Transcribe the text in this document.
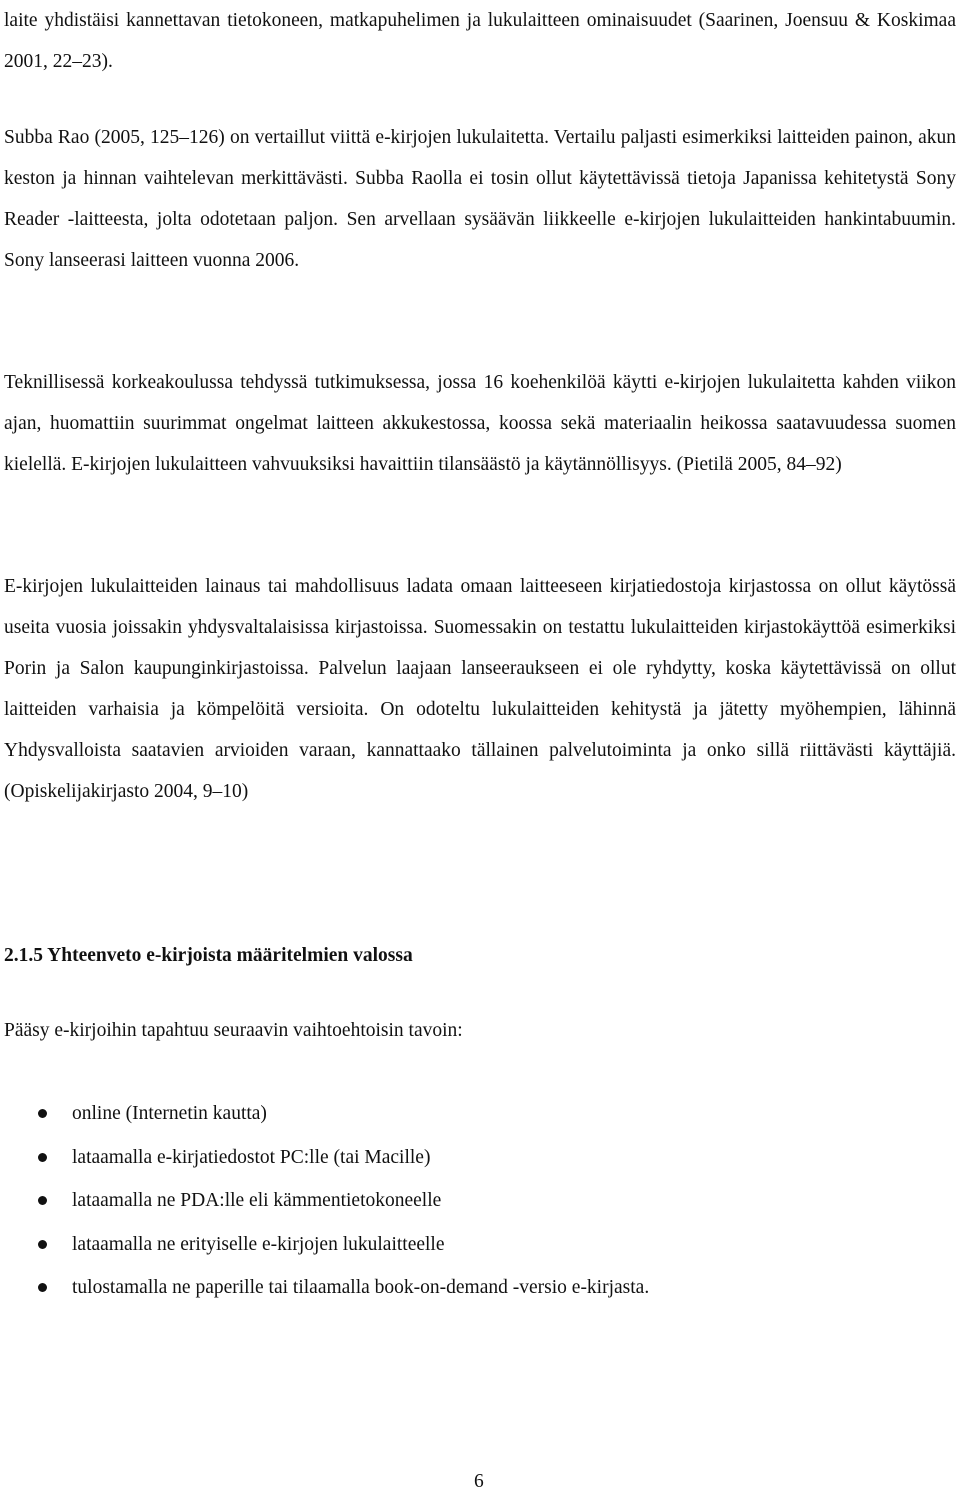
laite yhdistäisi kannettavan tietokoneen, matkapuhelimen ja lukulaitteen ominaisuudet (Saarinen, Joensuu & Koskimaa 2001, 22–23).

Subba Rao (2005, 125–126) on vertaillut viittä e-kirjojen lukulaitetta. Vertailu paljasti esimerkiksi laitteiden painon, akun keston ja hinnan vaihtelevan merkittävästi. Subba Raolla ei tosin ollut käytettävissä tietoja Japanissa kehitetystä Sony Reader -laitteesta, jolta odotetaan paljon. Sen arvellaan sysäävän liikkeelle e-kirjojen lukulaitteiden hankintabuumin. Sony lanseerasi laitteen vuonna 2006.

Teknillisessä korkeakoulussa tehdyssä tutkimuksessa, jossa 16 koehenkilöä käytti e-kirjojen lukulaitetta kahden viikon ajan, huomattiin suurimmat ongelmat laitteen akkukestossa, koossa sekä materiaalin heikossa saatavuudessa suomen kielellä. E-kirjojen lukulaitteen vahvuuksiksi havaittiin tilansäästö ja käytännöllisyys. (Pietilä 2005, 84–92)

E-kirjojen lukulaitteiden lainaus tai mahdollisuus ladata omaan laitteeseen kirjatiedostoja kirjastossa on ollut käytössä useita vuosia joissakin yhdysvaltalaisissa kirjastoissa. Suomessakin on testattu lukulaitteiden kirjastokäyttöä esimerkiksi Porin ja Salon kaupunginkirjastoissa. Palvelun laajaan lanseeraukseen ei ole ryhdytty, koska käytettävissä on ollut laitteiden varhaisia ja kömpelöitä versioita. On odoteltu lukulaitteiden kehitystä ja jätetty myöhempien, lähinnä Yhdysvalloista saatavien arvioiden varaan, kannattaako tällainen palvelutoiminta ja onko sillä riittävästi käyttäjiä. (Opiskelijakirjasto 2004, 9–10)

2.1.5 Yhteenveto e-kirjoista määritelmien valossa

Pääsy e-kirjoihin tapahtuu seuraavin vaihtoehtoisin tavoin:

online (Internetin kautta)
lataamalla e-kirjatiedostot PC:lle (tai Macille)
lataamalla ne PDA:lle eli kämmentietokoneelle
lataamalla ne erityiselle e-kirjojen lukulaitteelle
tulostamalla ne paperille tai tilaamalla book-on-demand -versio e-kirjasta.

6
